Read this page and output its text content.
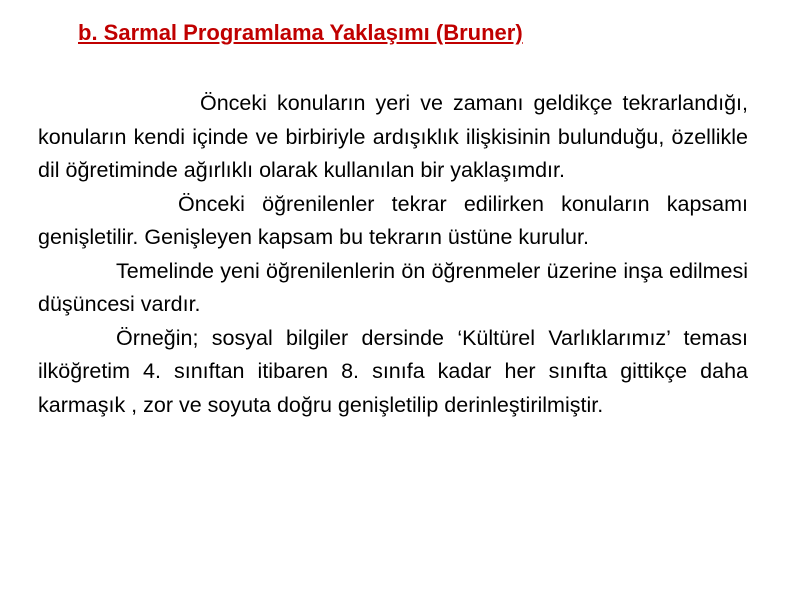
b. Sarmal Programlama Yaklaşımı (Bruner)

Önceki konuların yeri ve zamanı geldikçe tekrarlandığı, konuların kendi içinde ve birbiriyle ardışıklık ilişkisinin bulunduğu, özellikle dil öğretiminde ağırlıklı olarak kullanılan bir yaklaşımdır.

Önceki öğrenilenler tekrar edilirken konuların kapsamı genişletilir. Genişleyen kapsam bu tekrarın üstüne kurulur.

Temelinde yeni öğrenilenlerin ön öğrenmeler üzerine inşa edilmesi düşüncesi vardır.

Örneğin; sosyal bilgiler dersinde ‘Kültürel Varlıklarımız’ teması ilköğretim 4. sınıftan itibaren 8. sınıfa kadar her sınıfta gittikçe daha karmaşık , zor ve soyuta doğru genişletilip derinleştirilmiştir.
